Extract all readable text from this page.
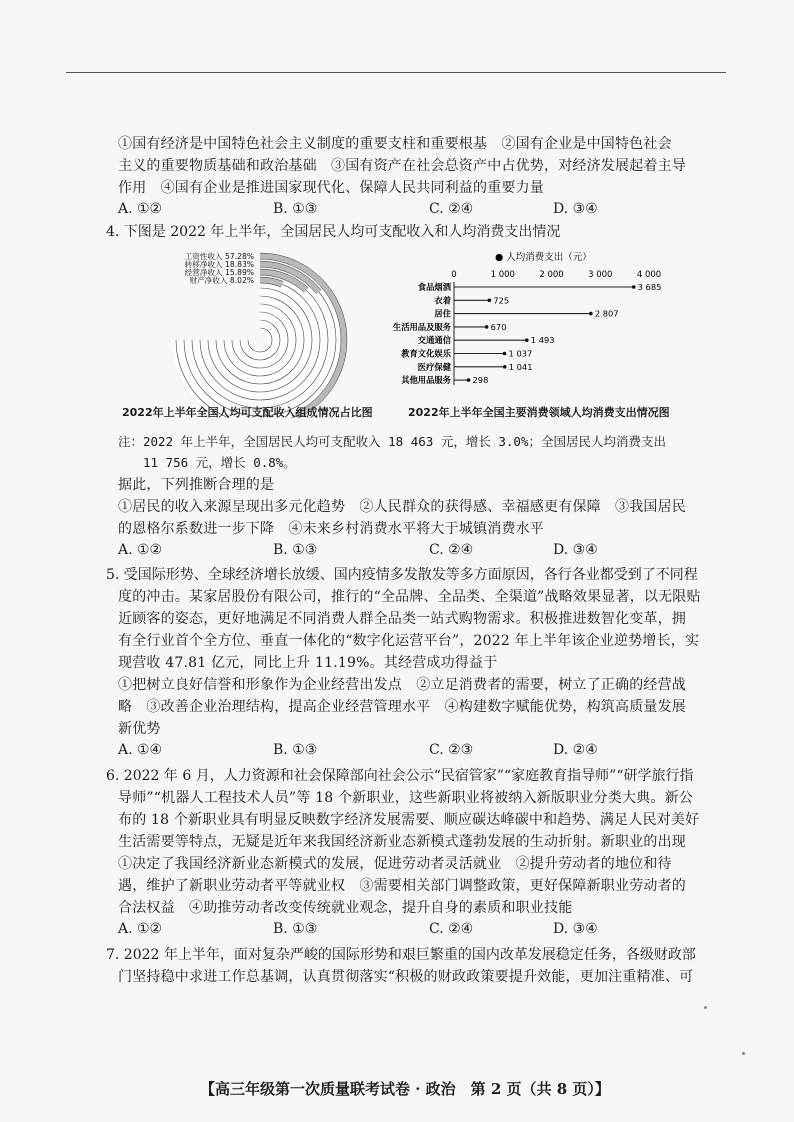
①国有经济是中国特色社会主义制度的重要支柱和重要根基　②国有企业是中国特色社会
主义的重要物质基础和政治基础　③国有资产在社会总资产中占优势，对经济发展起着主导
作用　④国有企业是推进国家现代化、保障人民共同利益的重要力量
A. ①②	B. ①③	C. ②④	D. ③④
4. 下图是 2022 年上半年，全国居民人均可支配收入和人均消费支出情况
工资性收入 57.28%
转移净收入 18.83%
经营净收入 15.89%
财产净收入 8.02%
2022年上半年全国人均可支配收入组成情况占比图
● 人均消费支出（元）
0	1 000	2 000	3 000	4 000
食品烟酒	3 685
衣着	725
居住	2 807
生活用品及服务	670
交通通信	1 493
教育文化娱乐	1 037
医疗保健	1 041
其他用品服务	298
2022年上半年全国主要消费领域人均消费支出情况图
注：2022 年上半年，全国居民人均可支配收入 18 463 元，增长 3.0%；全国居民人均消费支出
11 756 元，增长 0.8%。
据此，下列推断合理的是
①居民的收入来源呈现出多元化趋势　②人民群众的获得感、幸福感更有保障　③我国居民
的恩格尔系数进一步下降　④未来乡村消费水平将大于城镇消费水平
A. ①②	B. ①③	C. ②④	D. ③④
5. 受国际形势、全球经济增长放缓、国内疫情多发散发等多方面原因，各行各业都受到了不同程
度的冲击。某家居股份有限公司，推行的“全品牌、全品类、全渠道”战略效果显著，以无限贴
近顾客的姿态，更好地满足不同消费人群全品类一站式购物需求。积极推进数智化变革，拥
有全行业首个全方位、垂直一体化的“数字化运营平台”，2022 年上半年该企业逆势增长，实
现营收 47.81 亿元，同比上升 11.19%。其经营成功得益于
①把树立良好信誉和形象作为企业经营出发点　②立足消费者的需要，树立了正确的经营战
略　③改善企业治理结构，提高企业经营管理水平　④构建数字赋能优势，构筑高质量发展
新优势
A. ①④	B. ①③	C. ②③	D. ②④
6. 2022 年 6 月，人力资源和社会保障部向社会公示“民宿管家”“家庭教育指导师”“研学旅行指
导师”“机器人工程技术人员”等 18 个新职业，这些新职业将被纳入新版职业分类大典。新公
布的 18 个新职业具有明显反映数字经济发展需要、顺应碳达峰碳中和趋势、满足人民对美好
生活需要等特点，无疑是近年来我国经济新业态新模式蓬勃发展的生动折射。新职业的出现
①决定了我国经济新业态新模式的发展，促进劳动者灵活就业　②提升劳动者的地位和待
遇，维护了新职业劳动者平等就业权　③需要相关部门调整政策，更好保障新职业劳动者的
合法权益　④助推劳动者改变传统就业观念，提升自身的素质和职业技能
A. ①②	B. ①③	C. ②④	D. ③④
7. 2022 年上半年，面对复杂严峻的国际形势和艰巨繁重的国内改革发展稳定任务，各级财政部
门坚持稳中求进工作总基调，认真贯彻落实“积极的财政政策要提升效能，更加注重精准、可
【高三年级第一次质量联考试卷 · 政治　第 2 页（共 8 页）】
